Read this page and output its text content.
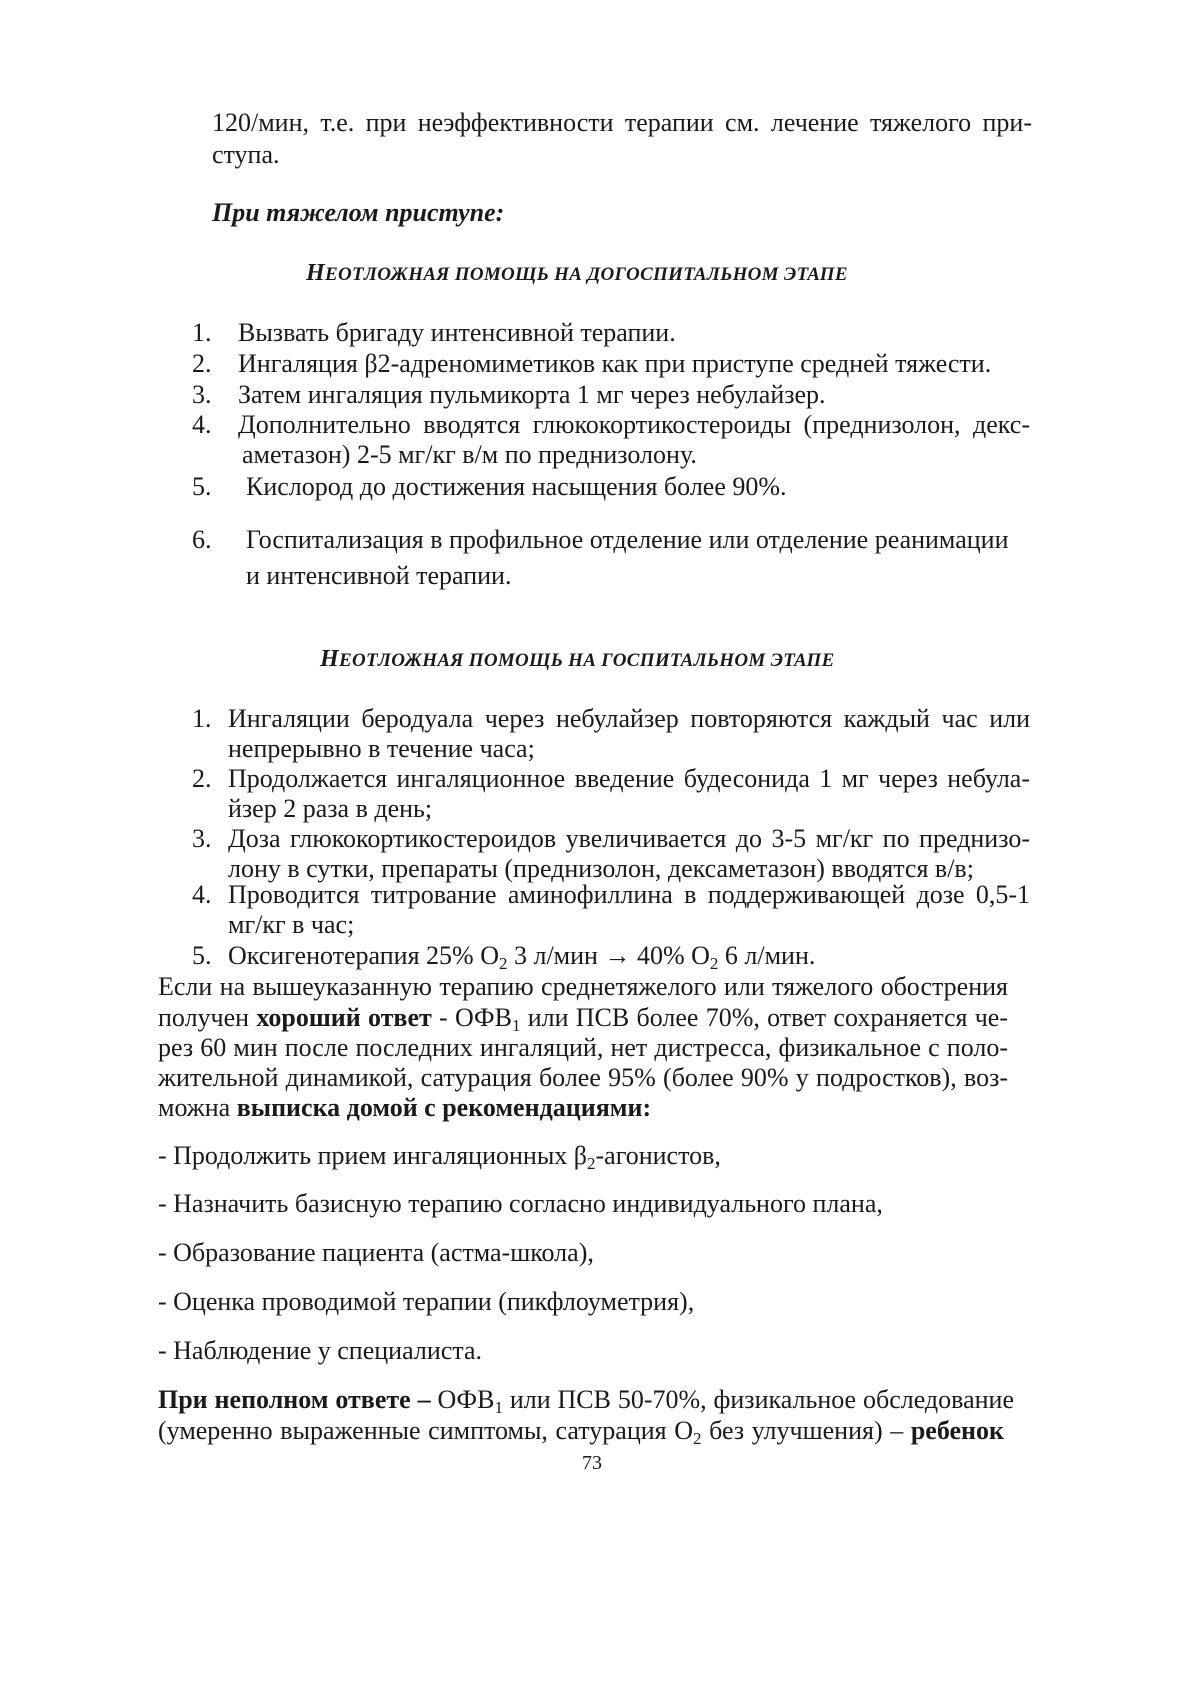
120/мин, т.е. при неэффективности терапии см. лечение тяжелого при-
ступа.
При тяжелом приступе:
НЕОТЛОЖНАЯ ПОМОЩЬ НА ДОГОСПИТАЛЬНОМ ЭТАПЕ
1. Вызвать бригаду интенсивной терапии.
2. Ингаляция β2-адреномиметиков как при приступе средней тяжести.
3. Затем ингаляция пульмикорта 1 мг через небулайзер.
4. Дополнительно вводятся глюкокортикостероиды (преднизолон, декс-
аметазон) 2-5 мг/кг в/м по преднизолону.
5. Кислород до достижения насыщения более 90%.
6. Госпитализация в профильное отделение или отделение реанимации
и интенсивной терапии.
НЕОТЛОЖНАЯ ПОМОЩЬ НА ГОСПИТАЛЬНОМ ЭТАПЕ
1. Ингаляции беродуала через небулайзер повторяются каждый час или
непрерывно в течение часа;
2. Продолжается ингаляционное введение будесонида 1 мг через небула-
йзер 2 раза в день;
3. Доза глюкокортикостероидов увеличивается до 3-5 мг/кг по преднизо-
лону в сутки, препараты (преднизолон, дексаметазон) вводятся в/в;
4. Проводится титрование аминофиллина в поддерживающей дозе 0,5-1
мг/кг в час;
5. Оксигенотерапия 25% $О_2$ 3 л/мин → 40% $О_2$ 6 л/мин.
Если на вышеуказанную терапию среднетяжелого или тяжелого обострения
получен хороший ответ - $ОФВ_1$ или ПСВ более 70%, ответ сохраняется че-
рез 60 мин после последних ингаляций, нет дистресса, физикальное с поло-
жительной динамикой, сатурация более 95% (более 90% у подростков), воз-
можна выписка домой с рекомендациями:
- Продолжить прием ингаляционных $\beta_2$-агонистов,
- Назначить базисную терапию согласно индивидуального плана,
- Образование пациента (астма-школа),
- Оценка проводимой терапии (пикфлоуметрия),
- Наблюдение у специалиста.
При неполном ответе – $ОФВ_1$ или ПСВ 50-70%, физикальное обследование
(умеренно выраженные симптомы, сатурация $О_2$ без улучшения) – ребенок
73
